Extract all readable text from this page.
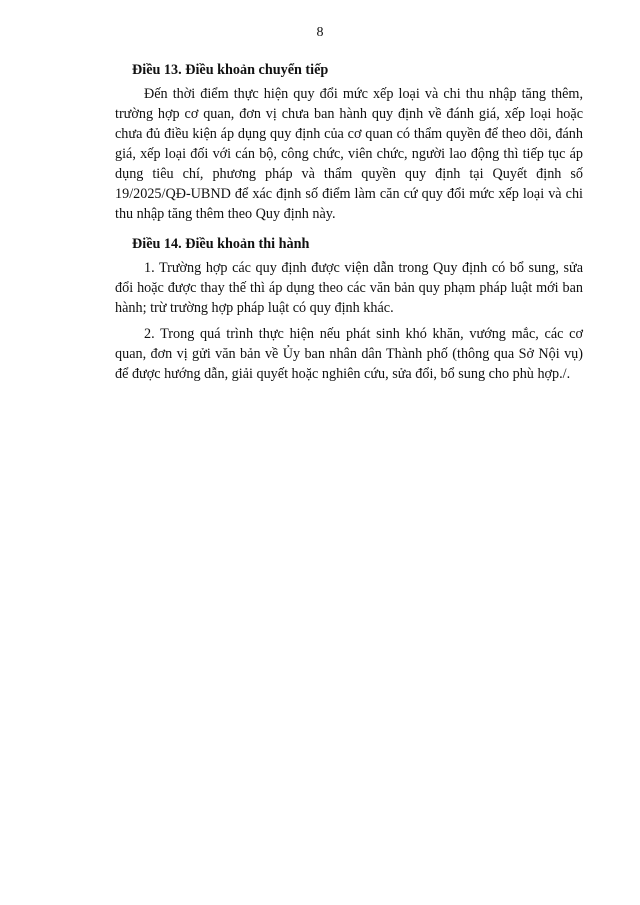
8
Điều 13. Điều khoản chuyển tiếp

Đến thời điểm thực hiện quy đổi mức xếp loại và chi thu nhập tăng thêm, trường hợp cơ quan, đơn vị chưa ban hành quy định về đánh giá, xếp loại hoặc chưa đủ điều kiện áp dụng quy định của cơ quan có thẩm quyền để theo dõi, đánh giá, xếp loại đối với cán bộ, công chức, viên chức, người lao động thì tiếp tục áp dụng tiêu chí, phương pháp và thẩm quyền quy định tại Quyết định số 19/2025/QĐ-UBND để xác định số điểm làm căn cứ quy đổi mức xếp loại và chi thu nhập tăng thêm theo Quy định này.

Điều 14. Điều khoản thi hành

1. Trường hợp các quy định được viện dẫn trong Quy định có bổ sung, sửa đổi hoặc được thay thế thì áp dụng theo các văn bản quy phạm pháp luật mới ban hành; trừ trường hợp pháp luật có quy định khác.

2. Trong quá trình thực hiện nếu phát sinh khó khăn, vướng mắc, các cơ quan, đơn vị gửi văn bản về Ủy ban nhân dân Thành phố (thông qua Sở Nội vụ) để được hướng dẫn, giải quyết hoặc nghiên cứu, sửa đổi, bổ sung cho phù hợp./.
